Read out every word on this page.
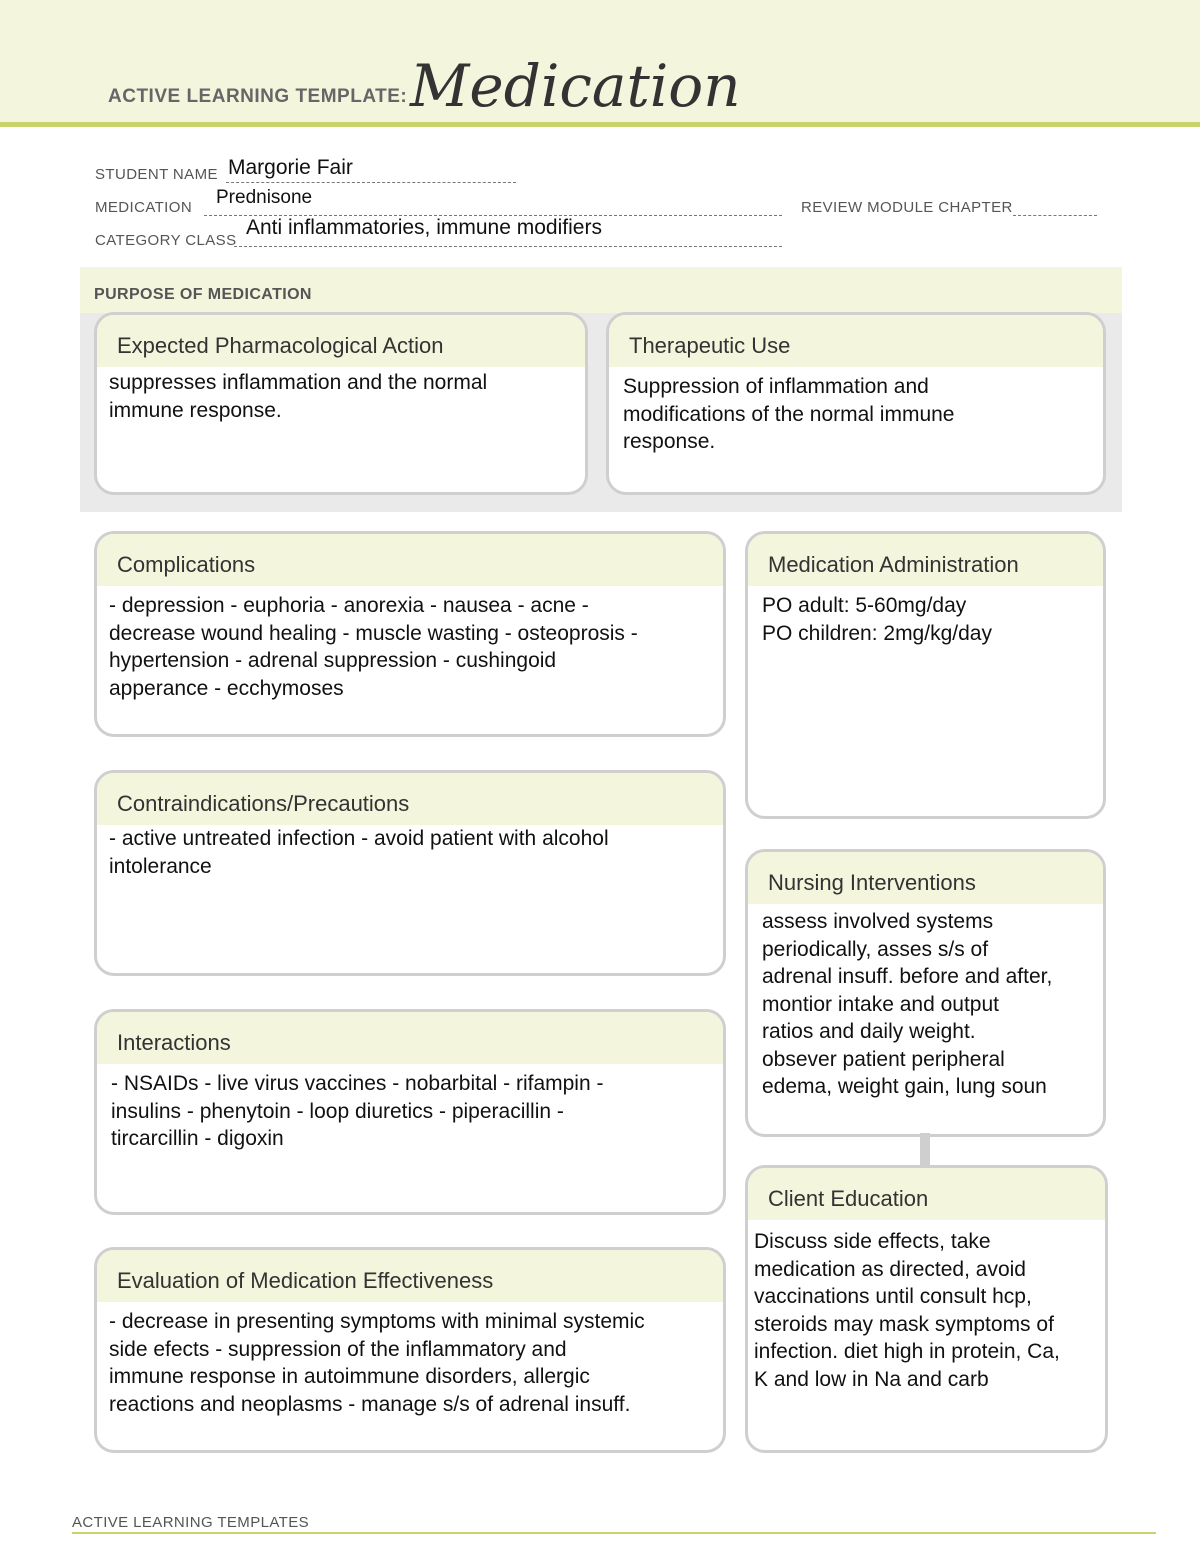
ACTIVE LEARNING TEMPLATE: Medication
STUDENT NAME Margorie Fair
MEDICATION Prednisone	REVIEW MODULE CHAPTER
CATEGORY CLASS
Anti inflammatories, immune modifiers
PURPOSE OF MEDICATION
Expected Pharmacological Action
suppresses inflammation and the normal
immune response.
Therapeutic Use
Suppression of inflammation and
modifications of the normal immune
response.
Complications
- depression - euphoria - anorexia - nausea - acne -
decrease wound healing - muscle wasting - osteoprosis -
hypertension - adrenal suppression - cushingoid
apperance - ecchymoses
Medication Administration
PO adult: 5-60mg/day
PO children: 2mg/kg/day
Contraindications/Precautions
- active untreated infection - avoid patient with alcohol
intolerance
Nursing Interventions
assess involved systems
periodically, asses s/s of
adrenal insuff. before and after,
montior intake and output
ratios and daily weight.
obsever patient peripheral
edema, weight gain, lung soun
Interactions
- NSAIDs - live virus vaccines - nobarbital - rifampin -
insulins - phenytoin - loop diuretics - piperacillin -
tircarcillin - digoxin
Client Education
Discuss side effects, take
medication as directed, avoid
vaccinations until consult hcp,
steroids may mask symptoms of
infection. diet high in protein, Ca,
K and low in Na and carb
Evaluation of Medication Effectiveness
- decrease in presenting symptoms with minimal systemic
side efects - suppression of the inflammatory and
immune response in autoimmune disorders, allergic
reactions and neoplasms - manage s/s of adrenal insuff.
ACTIVE LEARNING TEMPLATES
